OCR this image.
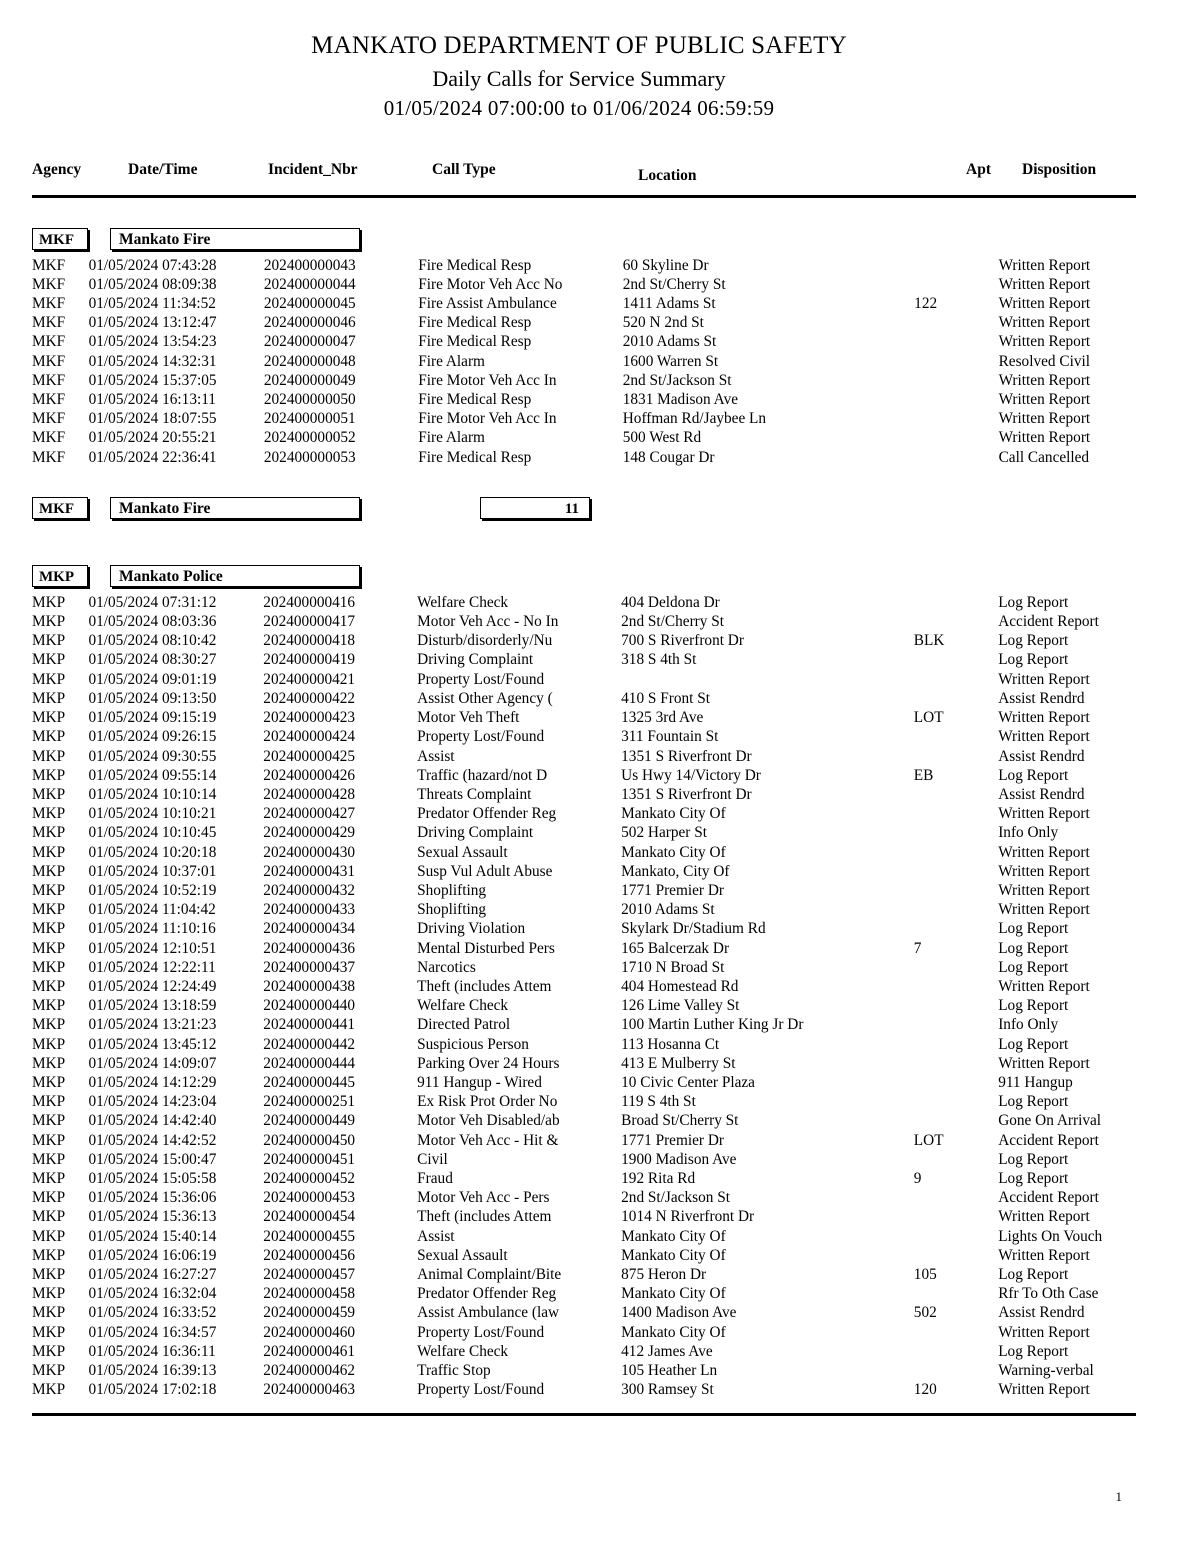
MANKATO DEPARTMENT OF PUBLIC SAFETY
Daily Calls for Service Summary
01/05/2024 07:00:00 to 01/06/2024 06:59:59
Agency	Date/Time	Incident_Nbr	Call Type	Location	Apt Disposition
MKF	Mankato Fire
MKF	01/05/2024 07:43:28	202400000043	Fire Medical Resp	60 Skyline Dr		Written Report
MKF	01/05/2024 08:09:38	202400000044	Fire Motor Veh Acc No	2nd St/Cherry St		Written Report
MKF	01/05/2024 11:34:52	202400000045	Fire Assist Ambulance	1411 Adams St	122	Written Report
MKF	01/05/2024 13:12:47	202400000046	Fire Medical Resp	520 N 2nd St		Written Report
MKF	01/05/2024 13:54:23	202400000047	Fire Medical Resp	2010 Adams St		Written Report
MKF	01/05/2024 14:32:31	202400000048	Fire Alarm	1600 Warren St		Resolved Civil
MKF	01/05/2024 15:37:05	202400000049	Fire Motor Veh Acc In	2nd St/Jackson St		Written Report
MKF	01/05/2024 16:13:11	202400000050	Fire Medical Resp	1831 Madison Ave		Written Report
MKF	01/05/2024 18:07:55	202400000051	Fire Motor Veh Acc In	Hoffman Rd/Jaybee Ln		Written Report
MKF	01/05/2024 20:55:21	202400000052	Fire Alarm	500 West Rd		Written Report
MKF	01/05/2024 22:36:41	202400000053	Fire Medical Resp	148 Cougar Dr		Call Cancelled
MKF	Mankato Fire	11
MKP	Mankato Police
MKP	01/05/2024 07:31:12	202400000416	Welfare Check	404 Deldona Dr		Log Report
MKP	01/05/2024 08:03:36	202400000417	Motor Veh Acc - No In	2nd St/Cherry St		Accident Report
MKP	01/05/2024 08:10:42	202400000418	Disturb/disorderly/Nu	700 S Riverfront Dr	BLK	Log Report
MKP	01/05/2024 08:30:27	202400000419	Driving Complaint	318 S 4th St		Log Report
MKP	01/05/2024 09:01:19	202400000421	Property Lost/Found			Written Report
MKP	01/05/2024 09:13:50	202400000422	Assist Other Agency (	410 S Front St		Assist Rendrd
MKP	01/05/2024 09:15:19	202400000423	Motor Veh Theft	1325 3rd Ave	LOT	Written Report
MKP	01/05/2024 09:26:15	202400000424	Property Lost/Found	311 Fountain St		Written Report
MKP	01/05/2024 09:30:55	202400000425	Assist	1351 S Riverfront Dr		Assist Rendrd
MKP	01/05/2024 09:55:14	202400000426	Traffic (hazard/not D	Us Hwy 14/Victory Dr	EB	Log Report
MKP	01/05/2024 10:10:14	202400000428	Threats Complaint	1351 S Riverfront Dr		Assist Rendrd
MKP	01/05/2024 10:10:21	202400000427	Predator Offender Reg	Mankato City Of		Written Report
MKP	01/05/2024 10:10:45	202400000429	Driving Complaint	502 Harper St		Info Only
MKP	01/05/2024 10:20:18	202400000430	Sexual Assault	Mankato City Of		Written Report
MKP	01/05/2024 10:37:01	202400000431	Susp Vul Adult Abuse	Mankato, City Of		Written Report
MKP	01/05/2024 10:52:19	202400000432	Shoplifting	1771 Premier Dr		Written Report
MKP	01/05/2024 11:04:42	202400000433	Shoplifting	2010 Adams St		Written Report
MKP	01/05/2024 11:10:16	202400000434	Driving Violation	Skylark Dr/Stadium Rd		Log Report
MKP	01/05/2024 12:10:51	202400000436	Mental Disturbed Pers	165 Balcerzak Dr	7	Log Report
MKP	01/05/2024 12:22:11	202400000437	Narcotics	1710 N Broad St		Log Report
MKP	01/05/2024 12:24:49	202400000438	Theft (includes Attem	404 Homestead Rd		Written Report
MKP	01/05/2024 13:18:59	202400000440	Welfare Check	126 Lime Valley St		Log Report
MKP	01/05/2024 13:21:23	202400000441	Directed Patrol	100 Martin Luther King Jr Dr		Info Only
MKP	01/05/2024 13:45:12	202400000442	Suspicious Person	113 Hosanna Ct		Log Report
MKP	01/05/2024 14:09:07	202400000444	Parking Over 24 Hours	413 E Mulberry St		Written Report
MKP	01/05/2024 14:12:29	202400000445	911 Hangup - Wired	10 Civic Center Plaza		911 Hangup
MKP	01/05/2024 14:23:04	202400000251	Ex Risk Prot Order No	119 S 4th St		Log Report
MKP	01/05/2024 14:42:40	202400000449	Motor Veh Disabled/ab	Broad St/Cherry St		Gone On Arrival
MKP	01/05/2024 14:42:52	202400000450	Motor Veh Acc - Hit &	1771 Premier Dr	LOT	Accident Report
MKP	01/05/2024 15:00:47	202400000451	Civil	1900 Madison Ave		Log Report
MKP	01/05/2024 15:05:58	202400000452	Fraud	192 Rita Rd	9	Log Report
MKP	01/05/2024 15:36:06	202400000453	Motor Veh Acc - Pers	2nd St/Jackson St		Accident Report
MKP	01/05/2024 15:36:13	202400000454	Theft (includes Attem	1014 N Riverfront Dr		Written Report
MKP	01/05/2024 15:40:14	202400000455	Assist	Mankato City Of		Lights On Vouch
MKP	01/05/2024 16:06:19	202400000456	Sexual Assault	Mankato City Of		Written Report
MKP	01/05/2024 16:27:27	202400000457	Animal Complaint/Bite	875 Heron Dr	105	Log Report
MKP	01/05/2024 16:32:04	202400000458	Predator Offender Reg	Mankato City Of		Rfr To Oth Case
MKP	01/05/2024 16:33:52	202400000459	Assist Ambulance (law	1400 Madison Ave	502	Assist Rendrd
MKP	01/05/2024 16:34:57	202400000460	Property Lost/Found	Mankato City Of		Written Report
MKP	01/05/2024 16:36:11	202400000461	Welfare Check	412 James Ave		Log Report
MKP	01/05/2024 16:39:13	202400000462	Traffic Stop	105 Heather Ln		Warning-verbal
MKP	01/05/2024 17:02:18	202400000463	Property Lost/Found	300 Ramsey St	120	Written Report
1
